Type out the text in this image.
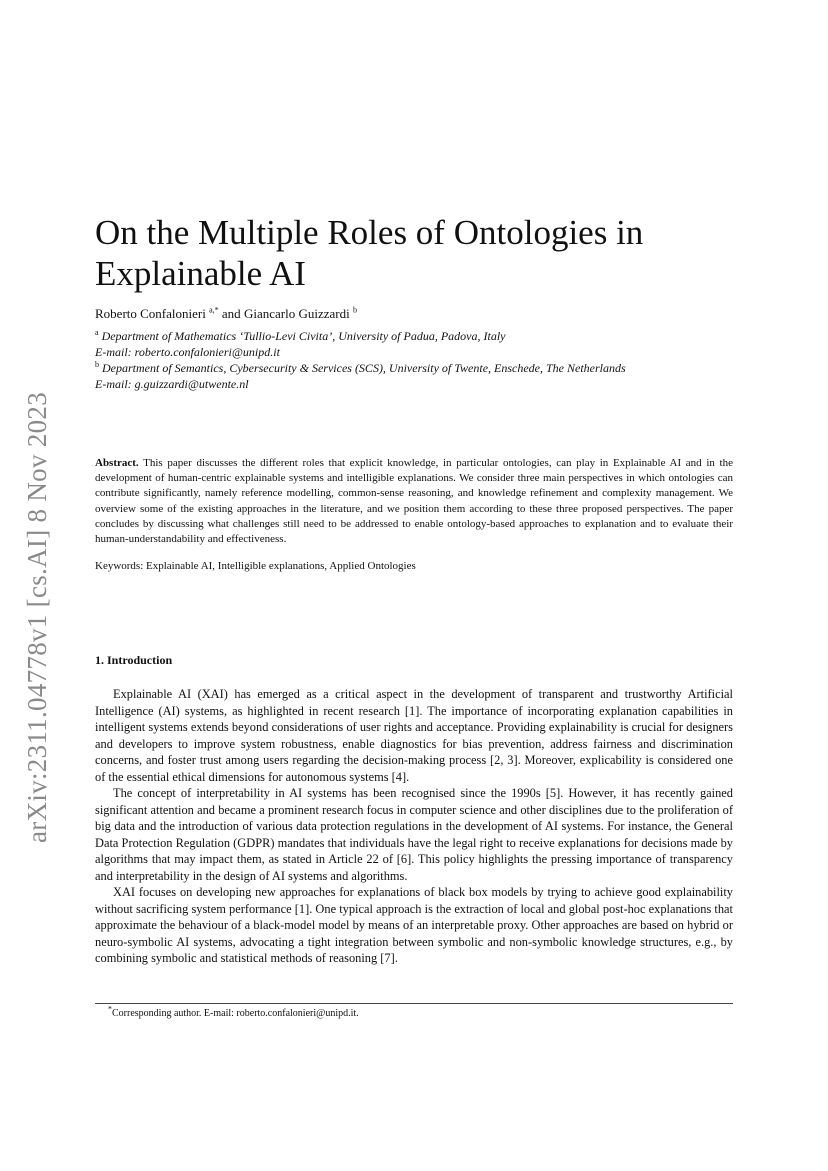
arXiv:2311.04778v1 [cs.AI] 8 Nov 2023
On the Multiple Roles of Ontologies in
Explainable AI
Roberto Confalonieri $^{a,*}$ and Giancarlo Guizzardi $^b$
$^a$ Department of Mathematics ‘Tullio-Levi Civita’, University of Padua, Padova, Italy
E-mail: roberto.confalonieri@unipd.it
$^b$ Department of Semantics, Cybersecurity & Services (SCS), University of Twente, Enschede, The Netherlands
E-mail: g.guizzardi@utwente.nl
Abstract. This paper discusses the different roles that explicit knowledge, in particular ontologies, can play in Explainable AI and in the development of human-centric explainable systems and intelligible explanations. We consider three main perspectives in which ontologies can contribute significantly, namely reference modelling, common-sense reasoning, and knowledge refinement and complexity management. We overview some of the existing approaches in the literature, and we position them according to these three proposed perspectives. The paper concludes by discussing what challenges still need to be addressed to enable ontology-based approaches to explanation and to evaluate their human-understandability and effectiveness.
Keywords: Explainable AI, Intelligible explanations, Applied Ontologies
1. Introduction

Explainable AI (XAI) has emerged as a critical aspect in the development of transparent and trustworthy Artificial Intelligence (AI) systems, as highlighted in recent research [1]. The importance of incorporating explanation capabilities in intelligent systems extends beyond considerations of user rights and acceptance. Providing explainability is crucial for designers and developers to improve system robustness, enable diagnostics for bias prevention, address fairness and discrimination concerns, and foster trust among users regarding the decision-making process [2, 3]. Moreover, explicability is considered one of the essential ethical dimensions for autonomous systems [4].

The concept of interpretability in AI systems has been recognised since the 1990s [5]. However, it has recently gained significant attention and became a prominent research focus in computer science and other disciplines due to the proliferation of big data and the introduction of various data protection regulations in the development of AI systems. For instance, the General Data Protection Regulation (GDPR) mandates that individuals have the legal right to receive explanations for decisions made by algorithms that may impact them, as stated in Article 22 of [6]. This policy highlights the pressing importance of transparency and interpretability in the design of AI systems and algorithms.

XAI focuses on developing new approaches for explanations of black box models by trying to achieve good explainability without sacrificing system performance [1]. One typical approach is the extraction of local and global post-hoc explanations that approximate the behaviour of a black-model model by means of an interpretable proxy. Other approaches are based on hybrid or neuro-symbolic AI systems, advocating a tight integration between symbolic and non-symbolic knowledge structures, e.g., by combining symbolic and statistical methods of reasoning [7].

*Corresponding author. E-mail: roberto.confalonieri@unipd.it.
